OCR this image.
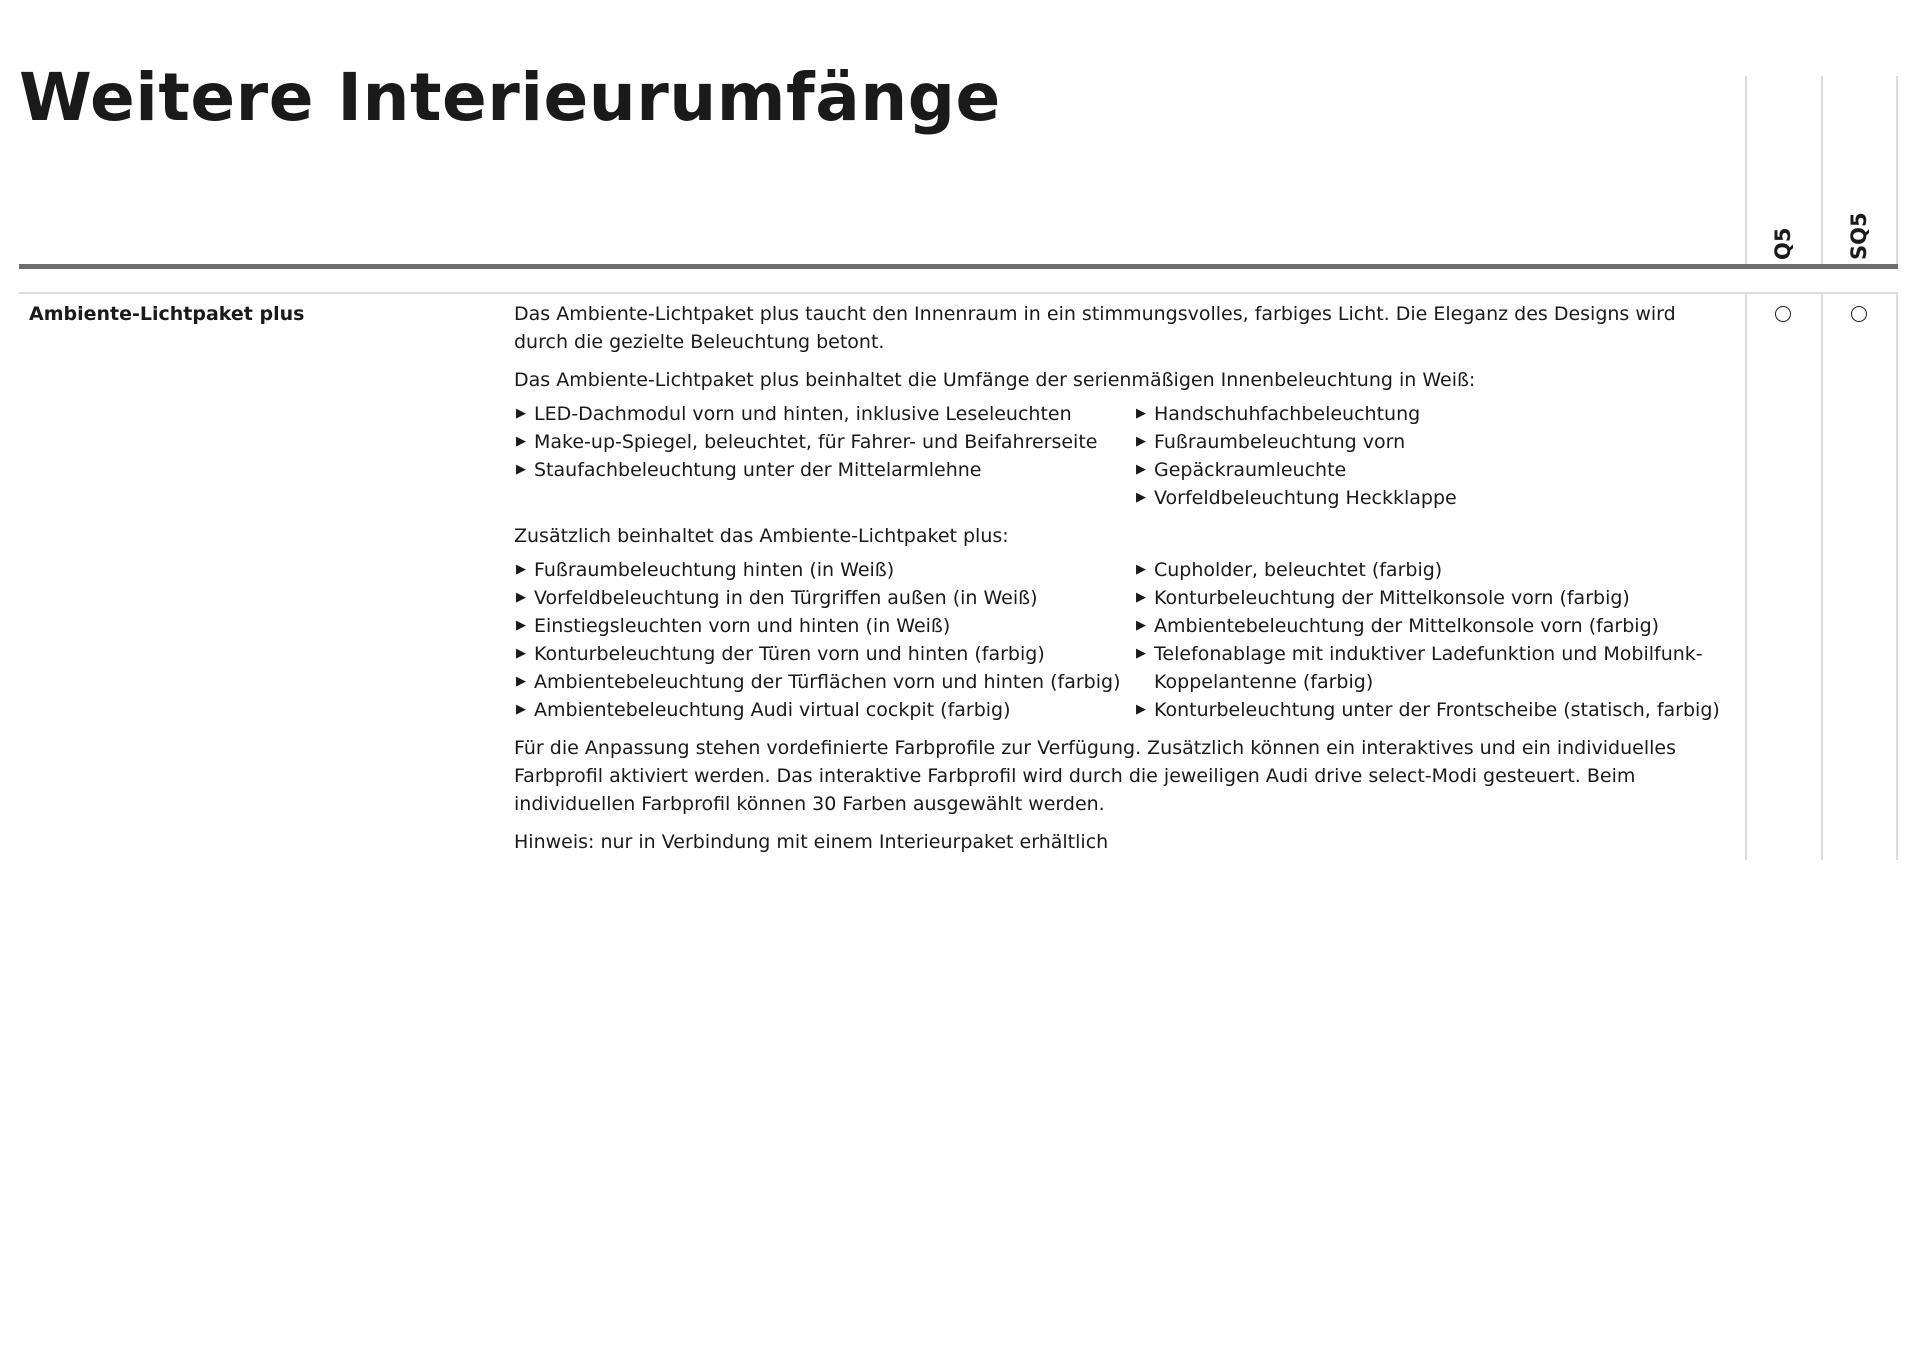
Weitere Interieurumfänge
Q5 SQ5
Ambiente-Lichtpaket plus	Das Ambiente-Lichtpaket plus taucht den Innenraum in ein stimmungsvolles, farbiges Licht. Die Eleganz des Designs wird durch die gezielte Beleuchtung betont.

Das Ambiente-Lichtpaket plus beinhaltet die Umfänge der serienmäßigen Innenbeleuchtung in Weiß:

▶ LED-Dachmodul vorn und hinten, inklusive Leseleuchten
▶ Make-up-Spiegel, beleuchtet, für Fahrer- und Beifahrerseite
▶ Staufachbeleuchtung unter der Mittelarmlehne
▶ Handschuhfachbeleuchtung
▶ Fußraumbeleuchtung vorn
▶ Gepäckraumleuchte
▶ Vorfeldbeleuchtung Heckklappe

Zusätzlich beinhaltet das Ambiente-Lichtpaket plus:

▶ Fußraumbeleuchtung hinten (in Weiß)
▶ Vorfeldbeleuchtung in den Türgriffen außen (in Weiß)
▶ Einstiegsleuchten vorn und hinten (in Weiß)
▶ Konturbeleuchtung der Türen vorn und hinten (farbig)
▶ Ambientebeleuchtung der Türflächen vorn und hinten (farbig)
▶ Ambientebeleuchtung Audi virtual cockpit (farbig)
▶ Cupholder, beleuchtet (farbig)
▶ Konturbeleuchtung der Mittelkonsole vorn (farbig)
▶ Ambientebeleuchtung der Mittelkonsole vorn (farbig)
▶ Telefonablage mit induktiver Ladefunktion und Mobilfunk-Koppelantenne (farbig)
▶ Konturbeleuchtung unter der Frontscheibe (statisch, farbig)

Für die Anpassung stehen vordefinierte Farbprofile zur Verfügung. Zusätzlich können ein interaktives und ein individuelles Farbprofil aktiviert werden. Das interaktive Farbprofil wird durch die jeweiligen Audi drive select-Modi gesteuert. Beim individuellen Farbprofil können 30 Farben ausgewählt werden.

Hinweis: nur in Verbindung mit einem Interieurpaket erhältlich
